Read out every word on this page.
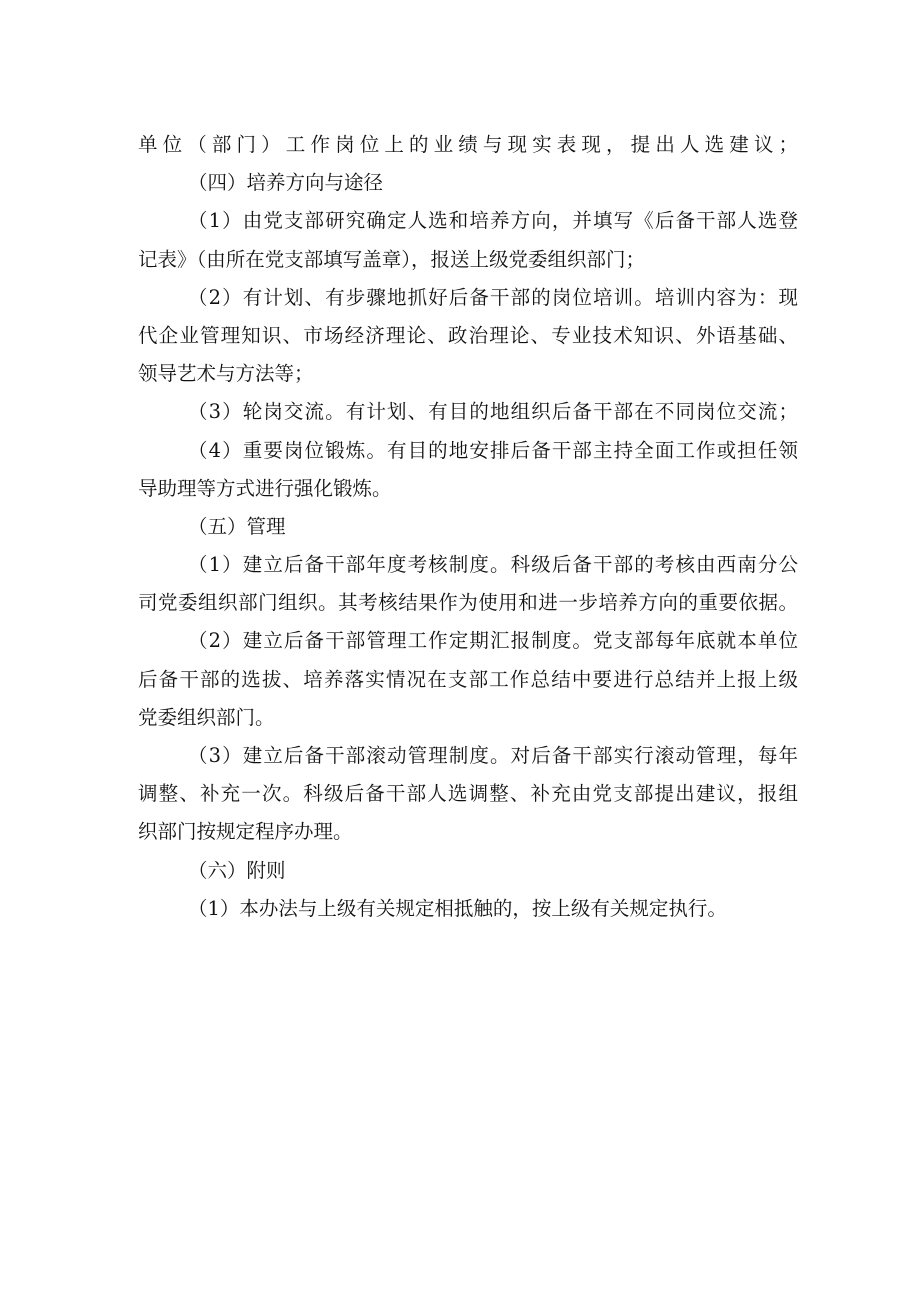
单位（部门）工作岗位上的业绩与现实表现，提出人选建议；
（四）培养方向与途径
（1）由党支部研究确定人选和培养方向，并填写《后备干部人选登
记表》（由所在党支部填写盖章），报送上级党委组织部门；
（2）有计划、有步骤地抓好后备干部的岗位培训。培训内容为：现
代企业管理知识、市场经济理论、政治理论、专业技术知识、外语基础、
领导艺术与方法等；
（3）轮岗交流。有计划、有目的地组织后备干部在不同岗位交流；
（4）重要岗位锻炼。有目的地安排后备干部主持全面工作或担任领
导助理等方式进行强化锻炼。
（五）管理
（1）建立后备干部年度考核制度。科级后备干部的考核由西南分公
司党委组织部门组织。其考核结果作为使用和进一步培养方向的重要依据。
（2）建立后备干部管理工作定期汇报制度。党支部每年底就本单位
后备干部的选拔、培养落实情况在支部工作总结中要进行总结并上报上级
党委组织部门。
（3）建立后备干部滚动管理制度。对后备干部实行滚动管理，每年
调整、补充一次。科级后备干部人选调整、补充由党支部提出建议，报组
织部门按规定程序办理。
（六）附则
（1）本办法与上级有关规定相抵触的，按上级有关规定执行。
